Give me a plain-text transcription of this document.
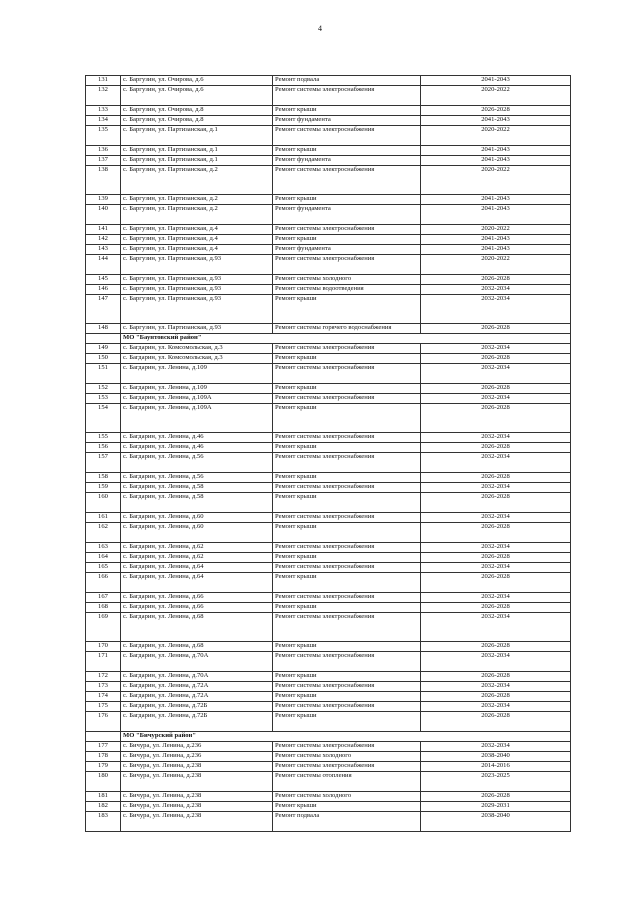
4
131	с. Баргузин, ул. Очирова, д.6	Ремонт подвала	2041-2043
132	с. Баргузин, ул. Очирова, д.6	Ремонт системы электроснабжения	2020-2022
133	с. Баргузин, ул. Очирова, д.8	Ремонт крыши	2026-2028
134	с. Баргузин, ул. Очирова, д.8	Ремонт фундамента	2041-2043
135	с. Баргузин, ул. Партизанская, д.1	Ремонт системы электроснабжения	2020-2022
136	с. Баргузин, ул. Партизанская, д.1	Ремонт крыши	2041-2043
137	с. Баргузин, ул. Партизанская, д.1	Ремонт фундамента	2041-2043
138	с. Баргузин, ул. Партизанская, д.2	Ремонт системы электроснабжения	2020-2022
139	с. Баргузин, ул. Партизанская, д.2	Ремонт крыши	2041-2043
140	с. Баргузин, ул. Партизанская, д.2	Ремонт фундамента	2041-2043
141	с. Баргузин, ул. Партизанская, д.4	Ремонт системы электроснабжения	2020-2022
142	с. Баргузин, ул. Партизанская, д.4	Ремонт крыши	2041-2043
143	с. Баргузин, ул. Партизанская, д.4	Ремонт фундамента	2041-2043
144	с. Баргузин, ул. Партизанская, д.93	Ремонт системы электроснабжения	2020-2022
145	с. Баргузин, ул. Партизанская, д.93	Ремонт системы холодного	2026-2028
146	с. Баргузин, ул. Партизанская, д.93	Ремонт системы водоотведения	2032-2034
147	с. Баргузин, ул. Партизанская, д.93	Ремонт крыши	2032-2034
148	с. Баргузин, ул. Партизанская, д.93	Ремонт системы горячего водоснабжения	2026-2028
	МО "Баунтовский район"		
149	с. Багдарин, ул. Комсомольская, д.3	Ремонт системы электроснабжения	2032-2034
150	с. Багдарин, ул. Комсомольская, д.3	Ремонт крыши	2026-2028
151	с. Багдарин, ул. Ленина, д.109	Ремонт системы электроснабжения	2032-2034
152	с. Багдарин, ул. Ленина, д.109	Ремонт крыши	2026-2028
153	с. Багдарин, ул. Ленина, д.109А	Ремонт системы электроснабжения	2032-2034
154	с. Багдарин, ул. Ленина, д.109А	Ремонт крыши	2026-2028
155	с. Багдарин, ул. Ленина, д.46	Ремонт системы электроснабжения	2032-2034
156	с. Багдарин, ул. Ленина, д.46	Ремонт крыши	2026-2028
157	с. Багдарин, ул. Ленина, д.56	Ремонт системы электроснабжения	2032-2034
158	с. Багдарин, ул. Ленина, д.56	Ремонт крыши	2026-2028
159	с. Багдарин, ул. Ленина, д.58	Ремонт системы электроснабжения	2032-2034
160	с. Багдарин, ул. Ленина, д.58	Ремонт крыши	2026-2028
161	с. Багдарин, ул. Ленина, д.60	Ремонт системы электроснабжения	2032-2034
162	с. Багдарин, ул. Ленина, д.60	Ремонт крыши	2026-2028
163	с. Багдарин, ул. Ленина, д.62	Ремонт системы электроснабжения	2032-2034
164	с. Багдарин, ул. Ленина, д.62	Ремонт крыши	2026-2028
165	с. Багдарин, ул. Ленина, д.64	Ремонт системы электроснабжения	2032-2034
166	с. Багдарин, ул. Ленина, д.64	Ремонт крыши	2026-2028
167	с. Багдарин, ул. Ленина, д.66	Ремонт системы электроснабжения	2032-2034
168	с. Багдарин, ул. Ленина, д.66	Ремонт крыши	2026-2028
169	с. Багдарин, ул. Ленина, д.68	Ремонт системы электроснабжения	2032-2034
170	с. Багдарин, ул. Ленина, д.68	Ремонт крыши	2026-2028
171	с. Багдарин, ул. Ленина, д.70А	Ремонт системы электроснабжения	2032-2034
172	с. Багдарин, ул. Ленина, д.70А	Ремонт крыши	2026-2028
173	с. Багдарин, ул. Ленина, д.72А	Ремонт системы электроснабжения	2032-2034
174	с. Багдарин, ул. Ленина, д.72А	Ремонт крыши	2026-2028
175	с. Багдарин, ул. Ленина, д.72Б	Ремонт системы электроснабжения	2032-2034
176	с. Багдарин, ул. Ленина, д.72Б	Ремонт крыши	2026-2028
	МО "Бичурский район"		
177	с. Бичура, ул. Ленина, д.236	Ремонт системы электроснабжения	2032-2034
178	с. Бичура, ул. Ленина, д.236	Ремонт системы холодного	2038-2040
179	с. Бичура, ул. Ленина, д.238	Ремонт системы электроснабжения	2014-2016
180	с. Бичура, ул. Ленина, д.238	Ремонт системы отопления	2023-2025
181	с. Бичура, ул. Ленина, д.238	Ремонт системы холодного	2026-2028
182	с. Бичура, ул. Ленина, д.238	Ремонт крыши	2029-2031
183	с. Бичура, ул. Ленина, д.238	Ремонт подвала	2038-2040
